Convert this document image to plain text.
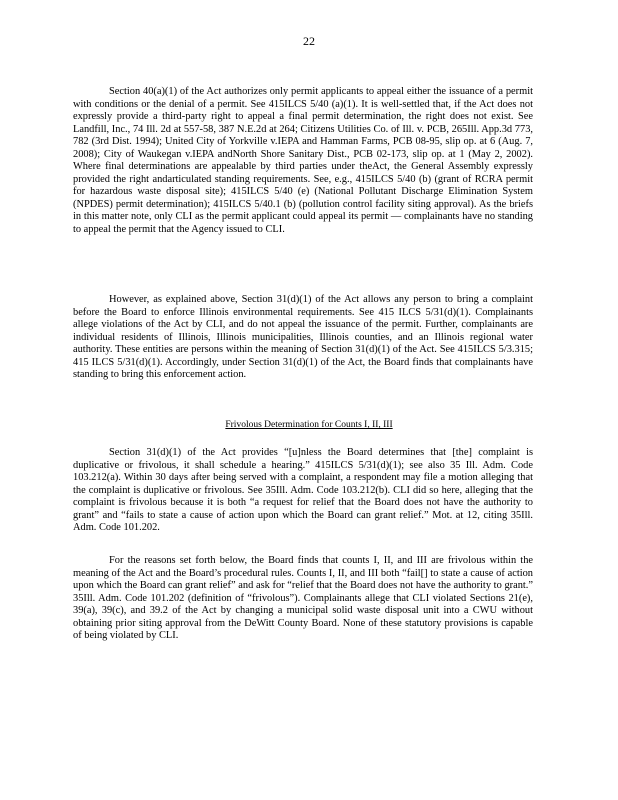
22

Section 40(a)(1) of the Act authorizes only permit applicants to appeal either the issuance of a permit with conditions or the denial of a permit. See 415ILCS 5/40 (a)(1). It is well-settled that, if the Act does not expressly provide a third-party right to appeal a final permit determination, the right does not exist. See Landfill, Inc., 74 Ill. 2d at 557-58, 387 N.E.2d at 264; Citizens Utilities Co. of Ill. v. PCB, 265Ill. App.3d 773, 782 (3rd Dist. 1994); United City of Yorkville v.IEPA and Hamman Farms, PCB 08-95, slip op. at 6 (Aug. 7, 2008); City of Waukegan v.IEPA andNorth Shore Sanitary Dist., PCB 02-173, slip op. at 1 (May 2, 2002). Where final determinations are appealable by third parties under theAct, the General Assembly expressly provided the right andarticulated standing requirements. See, e.g., 415ILCS 5/40 (b) (grant of RCRA permit for hazardous waste disposal site); 415ILCS 5/40 (e) (National Pollutant Discharge Elimination System (NPDES) permit determination); 415ILCS 5/40.1 (b) (pollution control facility siting approval). As the briefs in this matter note, only CLI as the permit applicant could appeal its permit — complainants have no standing to appeal the permit that the Agency issued to CLI.

However, as explained above, Section 31(d)(1) of the Act allows any person to bring a complaint before the Board to enforce Illinois environmental requirements. See 415 ILCS 5/31(d)(1). Complainants allege violations of the Act by CLI, and do not appeal the issuance of the permit. Further, complainants are individual residents of Illinois, Illinois municipalities, Illinois counties, and an Illinois regional water authority. These entities are persons within the meaning of Section 31(d)(1) of the Act. See 415ILCS 5/3.315; 415 ILCS 5/31(d)(1). Accordingly, under Section 31(d)(1) of the Act, the Board finds that complainants have standing to bring this enforcement action.

Frivolous Determination for Counts I, II, III

Section 31(d)(1) of the Act provides “[u]nless the Board determines that [the] complaint is duplicative or frivolous, it shall schedule a hearing.” 415ILCS 5/31(d)(1); see also 35 Ill. Adm. Code 103.212(a). Within 30 days after being served with a complaint, a respondent may file a motion alleging that the complaint is duplicative or frivolous. See 35Ill. Adm. Code 103.212(b). CLI did so here, alleging that the complaint is frivolous because it is both “a request for relief that the Board does not have the authority to grant” and “fails to state a cause of action upon which the Board can grant relief.” Mot. at 12, citing 35Ill. Adm. Code 101.202.

For the reasons set forth below, the Board finds that counts I, II, and III are frivolous within the meaning of the Act and the Board’s procedural rules. Counts I, II, and III both “fail[] to state a cause of action upon which the Board can grant relief” and ask for “relief that the Board does not have the authority to grant.” 35Ill. Adm. Code 101.202 (definition of “frivolous”). Complainants allege that CLI violated Sections 21(e), 39(a), 39(c), and 39.2 of the Act by changing a municipal solid waste disposal unit into a CWU without obtaining prior siting approval from the DeWitt County Board. None of these statutory provisions is capable of being violated by CLI.
